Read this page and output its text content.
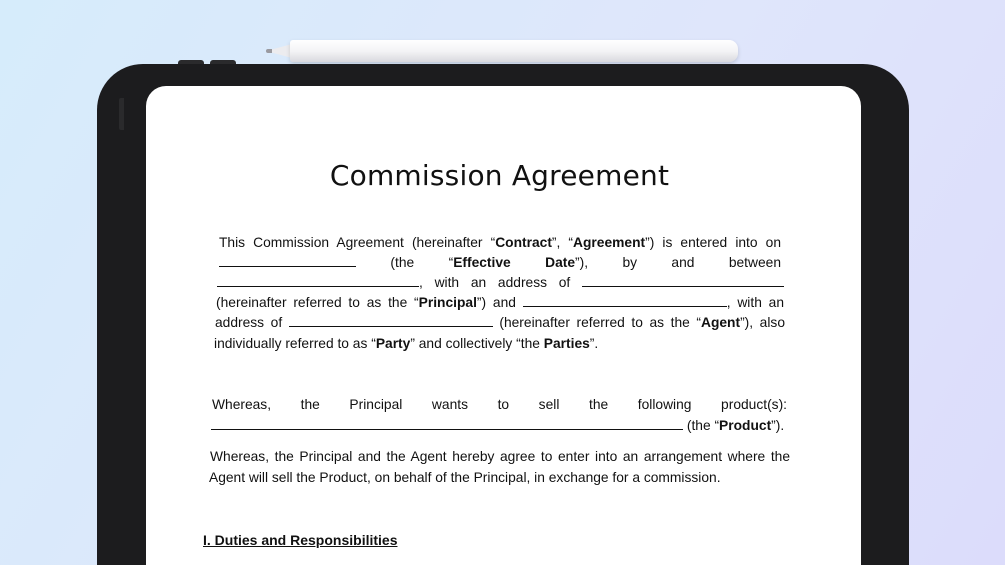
Commission Agreement
This Commission Agreement (hereinafter “Contract”, “Agreement”) is entered into on
(the “Effective Date”), by and between
, with an address of
(hereinafter referred to as the “Principal”) and	, with an
address of	(hereinafter referred to as the “Agent”), also
individually referred to as “Party” and collectively “the Parties”.
Whereas, the Principal wants to sell the following product(s):
(the “Product”).
Whereas, the Principal and the Agent hereby agree to enter into an arrangement where the
Agent will sell the Product, on behalf of the Principal, in exchange for a commission.
I. Duties and Responsibilities
